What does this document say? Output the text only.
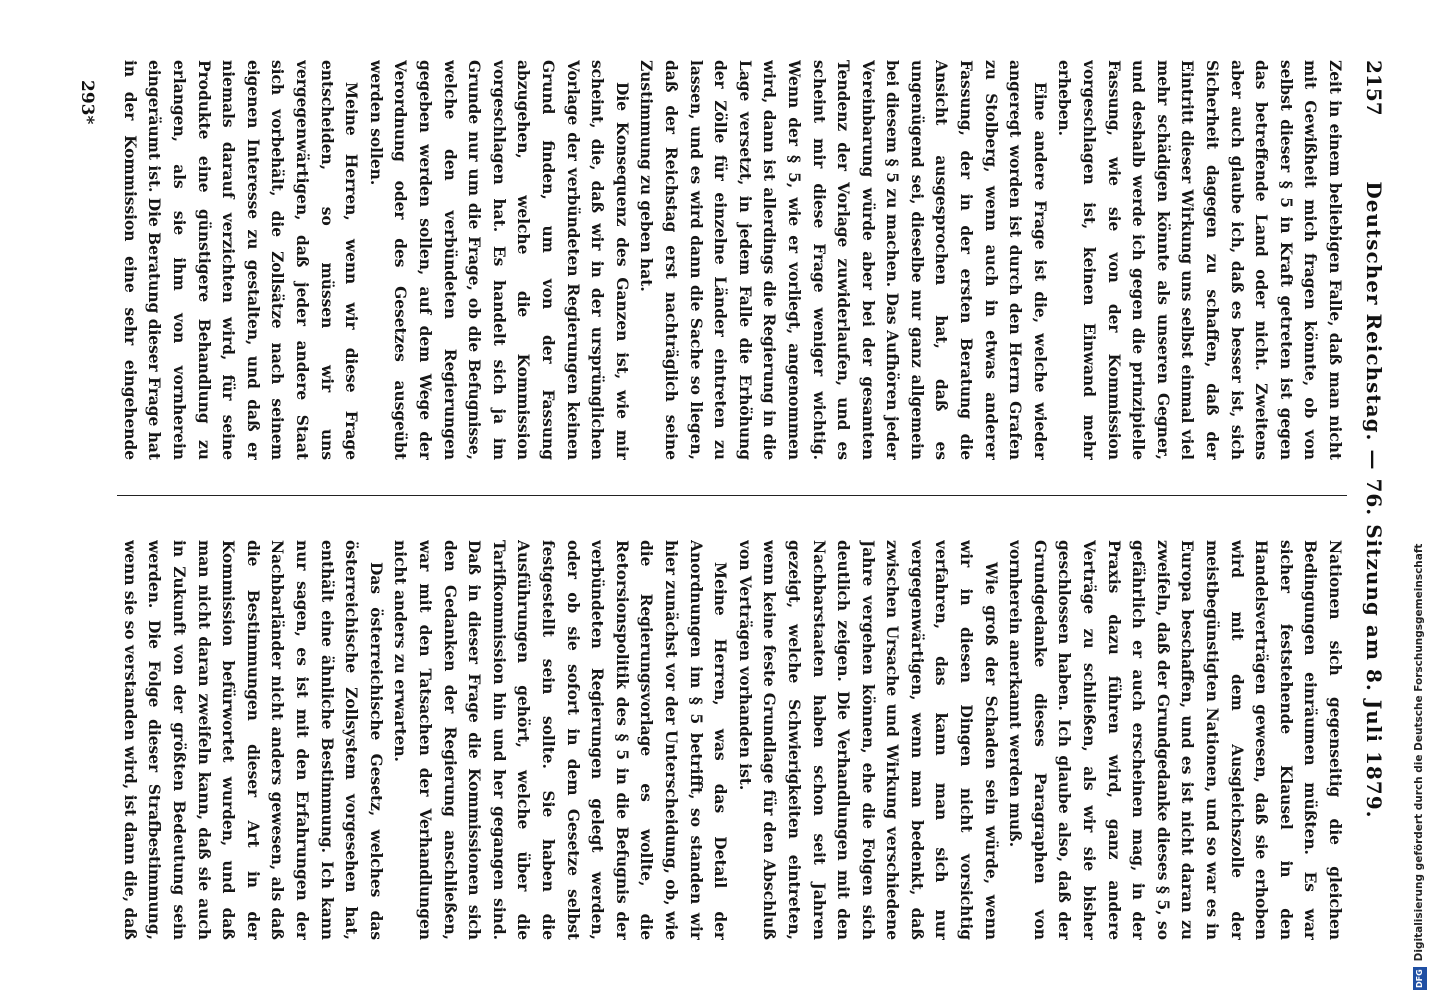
2157
Deutscher Reichstag. — 76. Sitzung am 8. Juli 1879.

Zeit in einem beliebigen Falle, daß man nicht mit Gewißheit mich fragen könnte, ob von selbst dieser § 5 in Kraft getreten ist gegen das betreffende Land oder nicht. Zweitens aber auch glaube ich, daß es besser ist, sich Sicherheit dagegen zu schaffen, daß der Eintritt dieser Wirkung uns selbst einmal viel mehr schädigen könnte als unseren Gegner, und deshalb werde ich gegen die prinzipielle Fassung, wie sie von der Kommission vorgeschlagen ist, keinen Einwand mehr erheben.

Eine andere Frage ist die, welche wieder angeregt worden ist durch den Herrn Grafen zu Stolberg, wenn auch in etwas anderer Fassung, der in der ersten Beratung die Ansicht ausgesprochen hat, daß es ungenügend sei, dieselbe nur ganz allgemein bei diesem § 5 zu machen. Das Aufhören jeder Vereinbarung würde aber bei der gesamten Tendenz der Vorlage zuwiderlaufen, und es scheint mir diese Frage weniger wichtig. Wenn der § 5, wie er vorliegt, angenommen wird, dann ist allerdings die Regierung in die Lage versetzt, in jedem Falle die Erhöhung der Zölle für einzelne Länder eintreten zu lassen, und es wird dann die Sache so liegen, daß der Reichstag erst nachträglich seine Zustimmung zu geben hat.

Die Konsequenz des Ganzen ist, wie mir scheint, die, daß wir in der ursprünglichen Vorlage der verbündeten Regierungen keinen Grund finden, um von der Fassung abzugehen, welche die Kommission vorgeschlagen hat. Es handelt sich ja im Grunde nur um die Frage, ob die Befugnisse, welche den verbündeten Regierungen gegeben werden sollen, auf dem Wege der Verordnung oder des Gesetzes ausgeübt werden sollen.

Meine Herren, wenn wir diese Frage entscheiden, so müssen wir uns vergegenwärtigen, daß jeder andere Staat sich vorbehält, die Zollsätze nach seinem eigenen Interesse zu gestalten, und daß er niemals darauf verzichten wird, für seine Produkte eine günstigere Behandlung zu erlangen, als sie ihm von vornherein eingeräumt ist. Die Beratung dieser Frage hat in der Kommission eine sehr eingehende

Nationen sich gegenseitig die gleichen Bedingungen einräumen müßten. Es war sicher feststehende Klausel in den Handelsverträgen gewesen, daß sie erhoben wird mit dem Ausgleichszolle der meistbegünstigten Nationen, und so war es in Europa beschaffen, und es ist nicht daran zu zweifeln, daß der Grundgedanke dieses § 5, so gefährlich er auch erscheinen mag, in der Praxis dazu führen wird, ganz andere Verträge zu schließen, als wir sie bisher geschlossen haben. Ich glaube also, daß der Grundgedanke dieses Paragraphen von vornherein anerkannt werden muß.

Wie groß der Schaden sein würde, wenn wir in diesen Dingen nicht vorsichtig verfahren, das kann man sich nur vergegenwärtigen, wenn man bedenkt, daß zwischen Ursache und Wirkung verschiedene Jahre vergehen können, ehe die Folgen sich deutlich zeigen. Die Verhandlungen mit den Nachbarstaaten haben schon seit Jahren gezeigt, welche Schwierigkeiten eintreten, wenn keine feste Grundlage für den Abschluß von Verträgen vorhanden ist.

Meine Herren, was das Detail der Anordnungen im § 5 betrifft, so standen wir hier zunächst vor der Unterscheidung, ob, wie die Regierungsvorlage es wollte, die Retorsionspolitik des § 5 in die Befugnis der verbündeten Regierungen gelegt werden, oder ob sie sofort in dem Gesetze selbst festgestellt sein sollte. Sie haben die Ausführungen gehört, welche über die Tarifkommission hin und her gegangen sind. Daß in dieser Frage die Kommissionen sich den Gedanken der Regierung anschließen, war mit den Tatsachen der Verhandlungen nicht anders zu erwarten.

Das österreichische Gesetz, welches das österreichische Zollsystem vorgesehen hat, enthält eine ähnliche Bestimmung. Ich kann nur sagen, es ist mit den Erfahrungen der Nachbarländer nicht anders gewesen, als daß die Bestimmungen dieser Art in der Kommission befürwortet wurden, und daß man nicht daran zweifeln kann, daß sie auch in Zukunft von der größten Bedeutung sein werden. Die Folge dieser Strafbestimmung, wenn sie so verstanden wird, ist dann die, daß

293*
DFGDigitalisierung gefördert durch die Deutsche Forschungsgemeinschaft
